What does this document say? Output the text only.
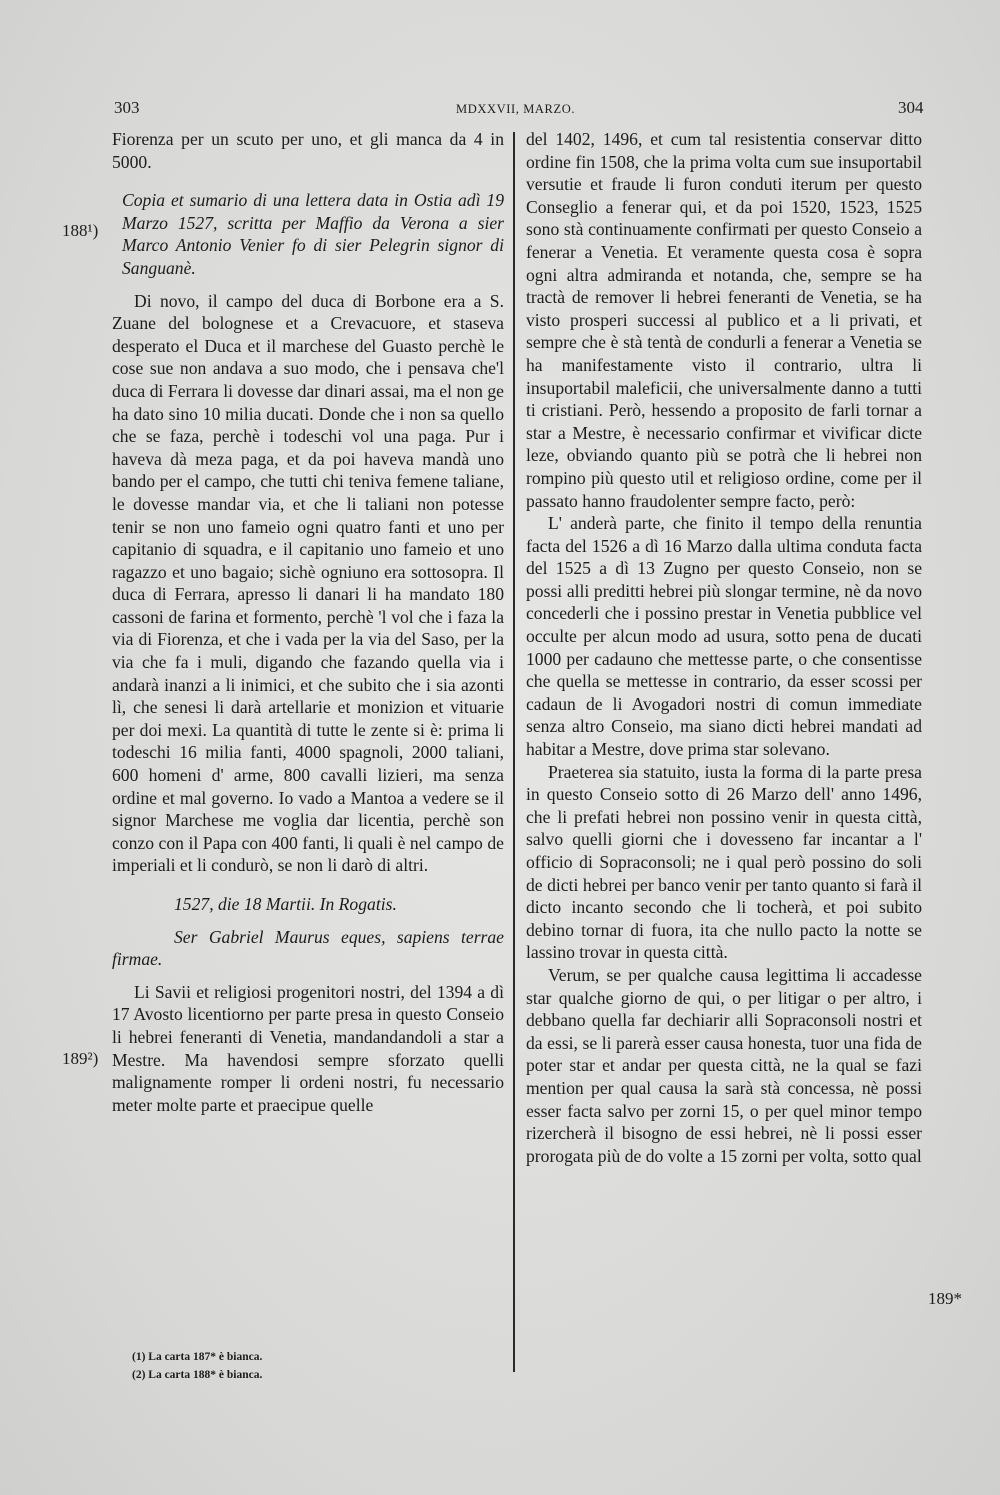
303	MDXXVII, MARZO.	304
188¹)
189²)
189*

Fiorenza per un scuto per uno, et gli manca da 4 in 5000.

Copia et sumario di una lettera data in Ostia adì 19 Marzo 1527, scritta per Maffio da Verona a sier Marco Antonio Venier fo di sier Pelegrin signor di Sanguanè.

Di novo, il campo del duca di Borbone era a S. Zuane del bolognese et a Crevacuore, et staseva desperato el Duca et il marchese del Guasto perchè le cose sue non andava a suo modo, che i pensava che'l duca di Ferrara li dovesse dar dinari assai, ma el non ge ha dato sino 10 milia ducati. Donde che i non sa quello che se faza, perchè i todeschi vol una paga. Pur i haveva dà meza paga, et da poi haveva mandà uno bando per el campo, che tutti chi teniva femene taliane, le dovesse mandar via, et che li taliani non potesse tenir se non uno fameio ogni quatro fanti et uno per capitanio di squadra, e il capitanio uno fameio et uno ragazzo et uno bagaio; sichè ogniuno era sottosopra. Il duca di Ferrara, apresso li danari li ha mandato 180 cassoni de farina et formento, perchè 'l vol che i faza la via di Fiorenza, et che i vada per la via del Saso, per la via che fa i muli, digando che fazando quella via i andarà inanzi a li inimici, et che subito che i sia azonti lì, che senesi li darà artellarie et monizion et vituarie per doi mexi. La quantità di tutte le zente si è: prima li todeschi 16 milia fanti, 4000 spagnoli, 2000 taliani, 600 homeni d' arme, 800 cavalli lizieri, ma senza ordine et mal governo. Io vado a Mantoa a vedere se il signor Marchese me voglia dar licentia, perchè son conzo con il Papa con 400 fanti, li quali è nel campo de imperiali et li condurò, se non li darò di altri.

1527, die 18 Martii. In Rogatis.

Ser Gabriel Maurus eques, sapiens terrae firmae.

Li Savii et religiosi progenitori nostri, del 1394 a dì 17 Avosto licentiorno per parte presa in questo Conseio li hebrei feneranti di Venetia, mandandandoli a star a Mestre. Ma havendosi sempre sforzato quelli malignamente romper li ordeni nostri, fu necessario meter molte parte et praecipue quelle

del 1402, 1496, et cum tal resistentia conservar ditto ordine fin 1508, che la prima volta cum sue insuportabil versutie et fraude li furon conduti iterum per questo Conseglio a fenerar qui, et da poi 1520, 1523, 1525 sono stà continuamente confirmati per questo Conseio a fenerar a Venetia. Et veramente questa cosa è sopra ogni altra admiranda et notanda, che, sempre se ha tractà de remover li hebrei feneranti de Venetia, se ha visto prosperi successi al publico et a li privati, et sempre che è stà tentà de condurli a fenerar a Venetia se ha manifestamente visto il contrario, ultra li insuportabil maleficii, che universalmente danno a tutti ti cristiani. Però, hessendo a proposito de farli tornar a star a Mestre, è necessario confirmar et vivificar dicte leze, obviando quanto più se potrà che li hebrei non rompino più questo util et religioso ordine, come per il passato hanno fraudolenter sempre facto, però:

L' anderà parte, che finito il tempo della renuntia facta del 1526 a dì 16 Marzo dalla ultima conduta facta del 1525 a dì 13 Zugno per questo Conseio, non se possi alli preditti hebrei più slongar termine, nè da novo concederli che i possino prestar in Venetia pubblice vel occulte per alcun modo ad usura, sotto pena de ducati 1000 per cadauno che mettesse parte, o che consentisse che quella se mettesse in contrario, da esser scossi per cadaun de li Avogadori nostri di comun immediate senza altro Conseio, ma siano dicti hebrei mandati ad habitar a Mestre, dove prima star solevano.

Praeterea sia statuito, iusta la forma di la parte presa in questo Conseio sotto di 26 Marzo dell' anno 1496, che li prefati hebrei non possino venir in questa città, salvo quelli giorni che i dovesseno far incantar a l' officio di Sopraconsoli; ne i qual però possino do soli de dicti hebrei per banco venir per tanto quanto si farà il dicto incanto secondo che li tocherà, et poi subito debino tornar di fuora, ita che nullo pacto la notte se lassino trovar in questa città.

Verum, se per qualche causa legittima li accadesse star qualche giorno de qui, o per litigar o per altro, i debbano quella far dechiarir alli Sopraconsoli nostri et da essi, se li parerà esser causa honesta, tuor una fida de poter star et andar per questa città, ne la qual se fazi mention per qual causa la sarà stà concessa, nè possi esser facta salvo per zorni 15, o per quel minor tempo rizercherà il bisogno de essi hebrei, nè li possi esser prorogata più de do volte a 15 zorni per volta, sotto qual

(1) La carta 187* è bianca.
(2) La carta 188* è bianca.
